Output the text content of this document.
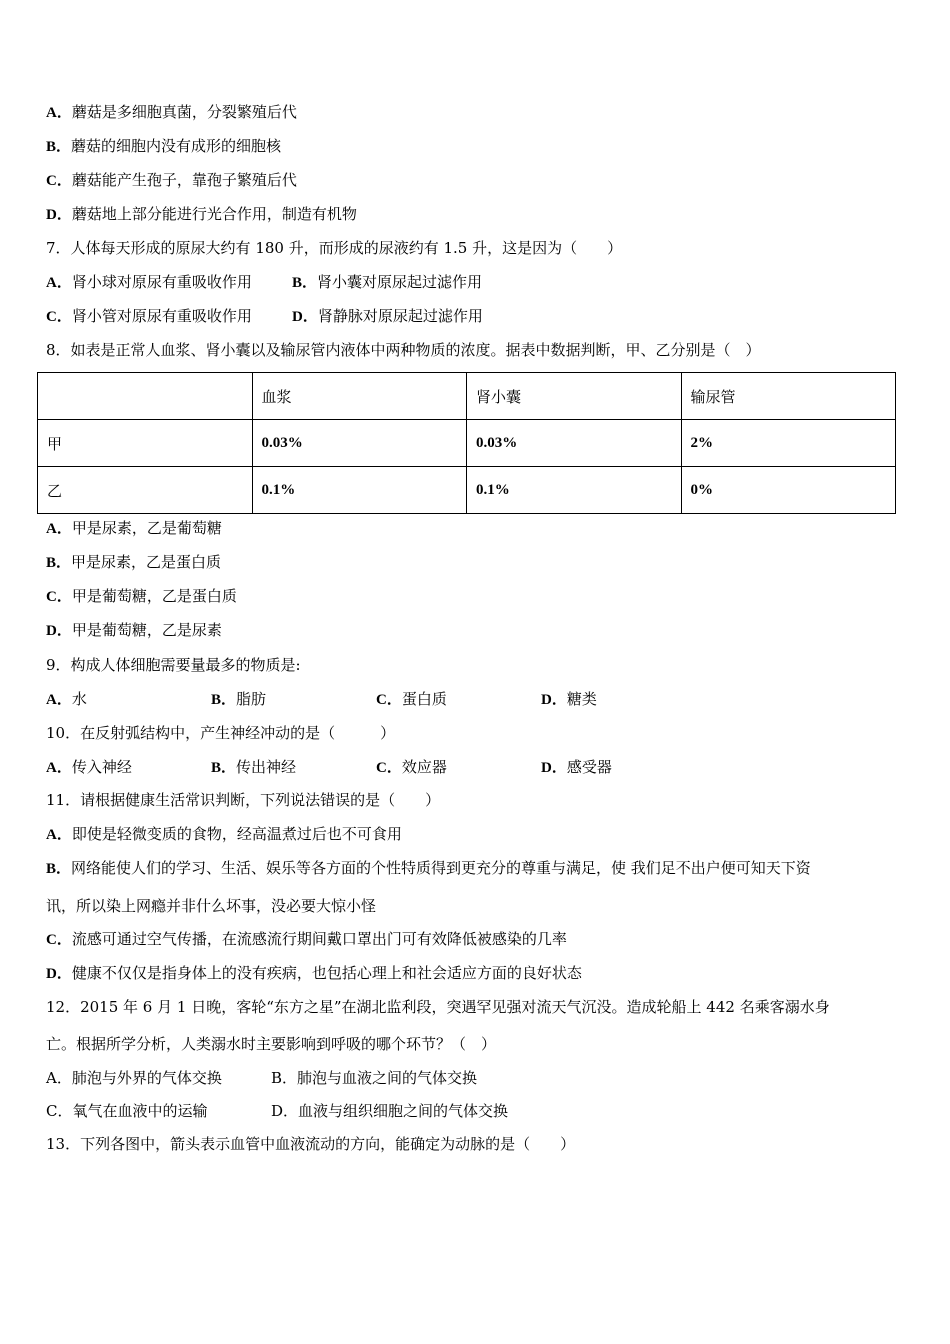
A．蘑菇是多细胞真菌，分裂繁殖后代
B．蘑菇的细胞内没有成形的细胞核
C．蘑菇能产生孢子，靠孢子繁殖后代
D．蘑菇地上部分能进行光合作用，制造有机物
7．人体每天形成的原尿大约有 180 升，而形成的尿液约有 1.5 升，这是因为（　　）
A．肾小球对原尿有重吸收作用	B．肾小囊对原尿起过滤作用
C．肾小管对原尿有重吸收作用	D．肾静脉对原尿起过滤作用
8．如表是正常人血浆、肾小囊以及输尿管内液体中两种物质的浓度。据表中数据判断，甲、乙分别是（　）
	血浆	肾小囊	输尿管
甲	0.03%	0.03%	2%
乙	0.1%	0.1%	0%
A．甲是尿素，乙是葡萄糖
B．甲是尿素，乙是蛋白质
C．甲是葡萄糖，乙是蛋白质
D．甲是葡萄糖，乙是尿素
9．构成人体细胞需要量最多的物质是:
A．水	B．脂肪	C．蛋白质	D．糖类
10．在反射弧结构中，产生神经冲动的是（　　　）
A．传入神经	B．传出神经	C．效应器	D．感受器
11．请根据健康生活常识判断，下列说法错误的是（　　）
A．即使是轻微变质的食物，经高温煮过后也不可食用
B．网络能使人们的学习、生活、娱乐等各方面的个性特质得到更充分的尊重与满足，使 我们足不出户便可知天下资
讯，所以染上网瘾并非什么坏事，没必要大惊小怪
C．流感可通过空气传播，在流感流行期间戴口罩出门可有效降低被感染的几率
D．健康不仅仅是指身体上的没有疾病，也包括心理上和社会适应方面的良好状态
12．2015 年 6 月 1 日晚，客轮“东方之星”在湖北监利段，突遇罕见强对流天气沉没。造成轮船上 442 名乘客溺水身
亡。根据所学分析，人类溺水时主要影响到呼吸的哪个环节？（　）
A．肺泡与外界的气体交换	B．肺泡与血液之间的气体交换
C．氧气在血液中的运输	D．血液与组织细胞之间的气体交换
13．下列各图中，箭头表示血管中血液流动的方向，能确定为动脉的是（　　）
